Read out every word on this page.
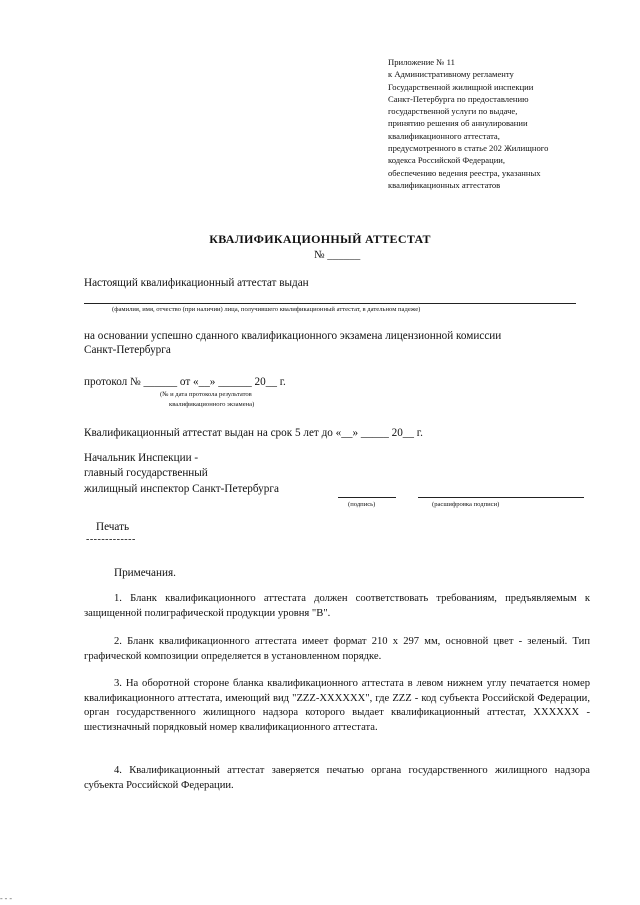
Приложение № 11
к Административному регламенту
Государственной жилищной инспекции
Санкт-Петербурга по предоставлению
государственной услуги по выдаче,
принятию решения об аннулировании
квалификационного аттестата,
предусмотренного в статье 202 Жилищного
кодекса Российской Федерации,
обеспечению ведения реестра, указанных
квалификационных аттестатов
КВАЛИФИКАЦИОННЫЙ АТТЕСТАТ
№ ______
Настоящий квалификационный аттестат выдан
(фамилия, имя, отчество (при наличии) лица, получившего квалификационный аттестат, в дательном падеже)
на основании успешно сданного квалификационного экзамена лицензионной комиссии
Санкт-Петербурга
протокол № ______ от «__» ______ 20__ г.
(№ и дата протокола результатов
квалификационного экзамена)
Квалификационный аттестат выдан на срок 5 лет до «__» _____ 20__ г.
Начальник Инспекции -
главный государственный
жилищный инспектор Санкт-Петербурга
(подпись)	(расшифровка подписи)
Печать
-------------
Примечания.

1. Бланк квалификационного аттестата должен соответствовать требованиям, предъявляемым к защищенной полиграфической продукции уровня "В".

2. Бланк квалификационного аттестата имеет формат 210 x 297 мм, основной цвет - зеленый. Тип графической композиции определяется в установленном порядке.

3. На оборотной стороне бланка квалификационного аттестата в левом нижнем углу печатается номер квалификационного аттестата, имеющий вид "ZZZ-XXXXXX", где ZZZ - код субъекта Российской Федерации, орган государственного жилищного надзора которого выдает квалификационный аттестат, XXXXXX - шестизначный порядковый номер квалификационного аттестата.

4. Квалификационный аттестат заверяется печатью органа государственного жилищного надзора субъекта Российской Федерации.

- - -
